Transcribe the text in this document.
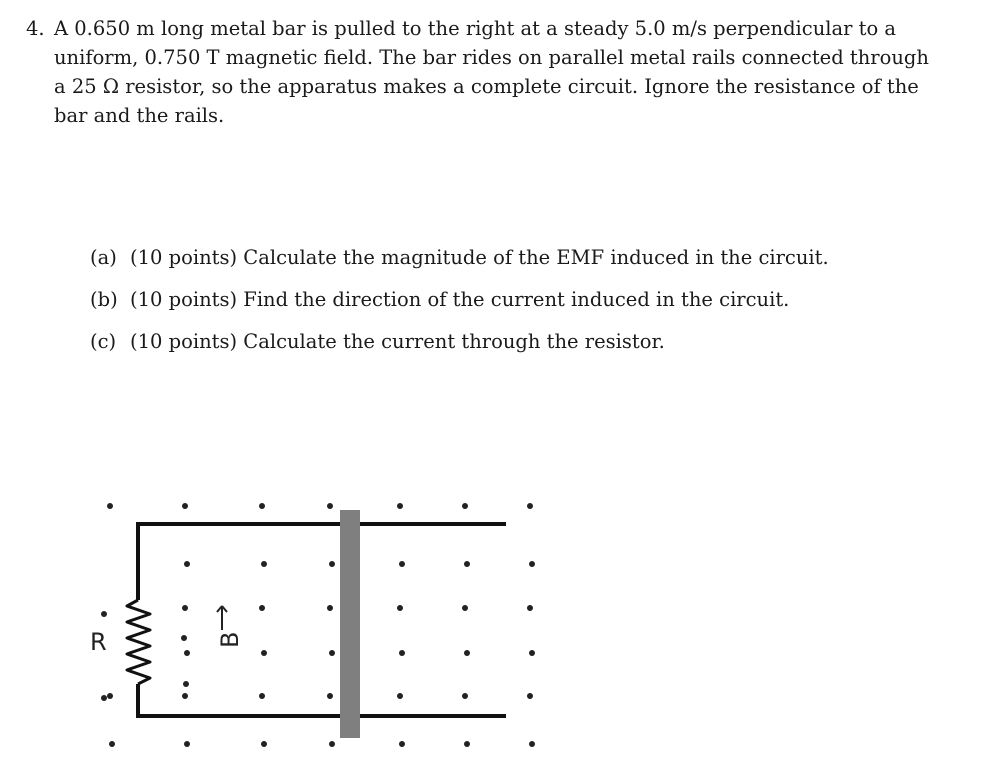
4. A 0.650 m long metal bar is pulled to the right at a steady 5.0 m/s perpendicular to a
uniform, 0.750 T magnetic field. The bar rides on parallel metal rails connected through
a 25 Ω resistor, so the apparatus makes a complete circuit. Ignore the resistance of the
bar and the rails.
(a) (10 points) Calculate the magnitude of the EMF induced in the circuit.
(b) (10 points) Find the direction of the current induced in the circuit.
(c) (10 points) Calculate the current through the resistor.
R	B
